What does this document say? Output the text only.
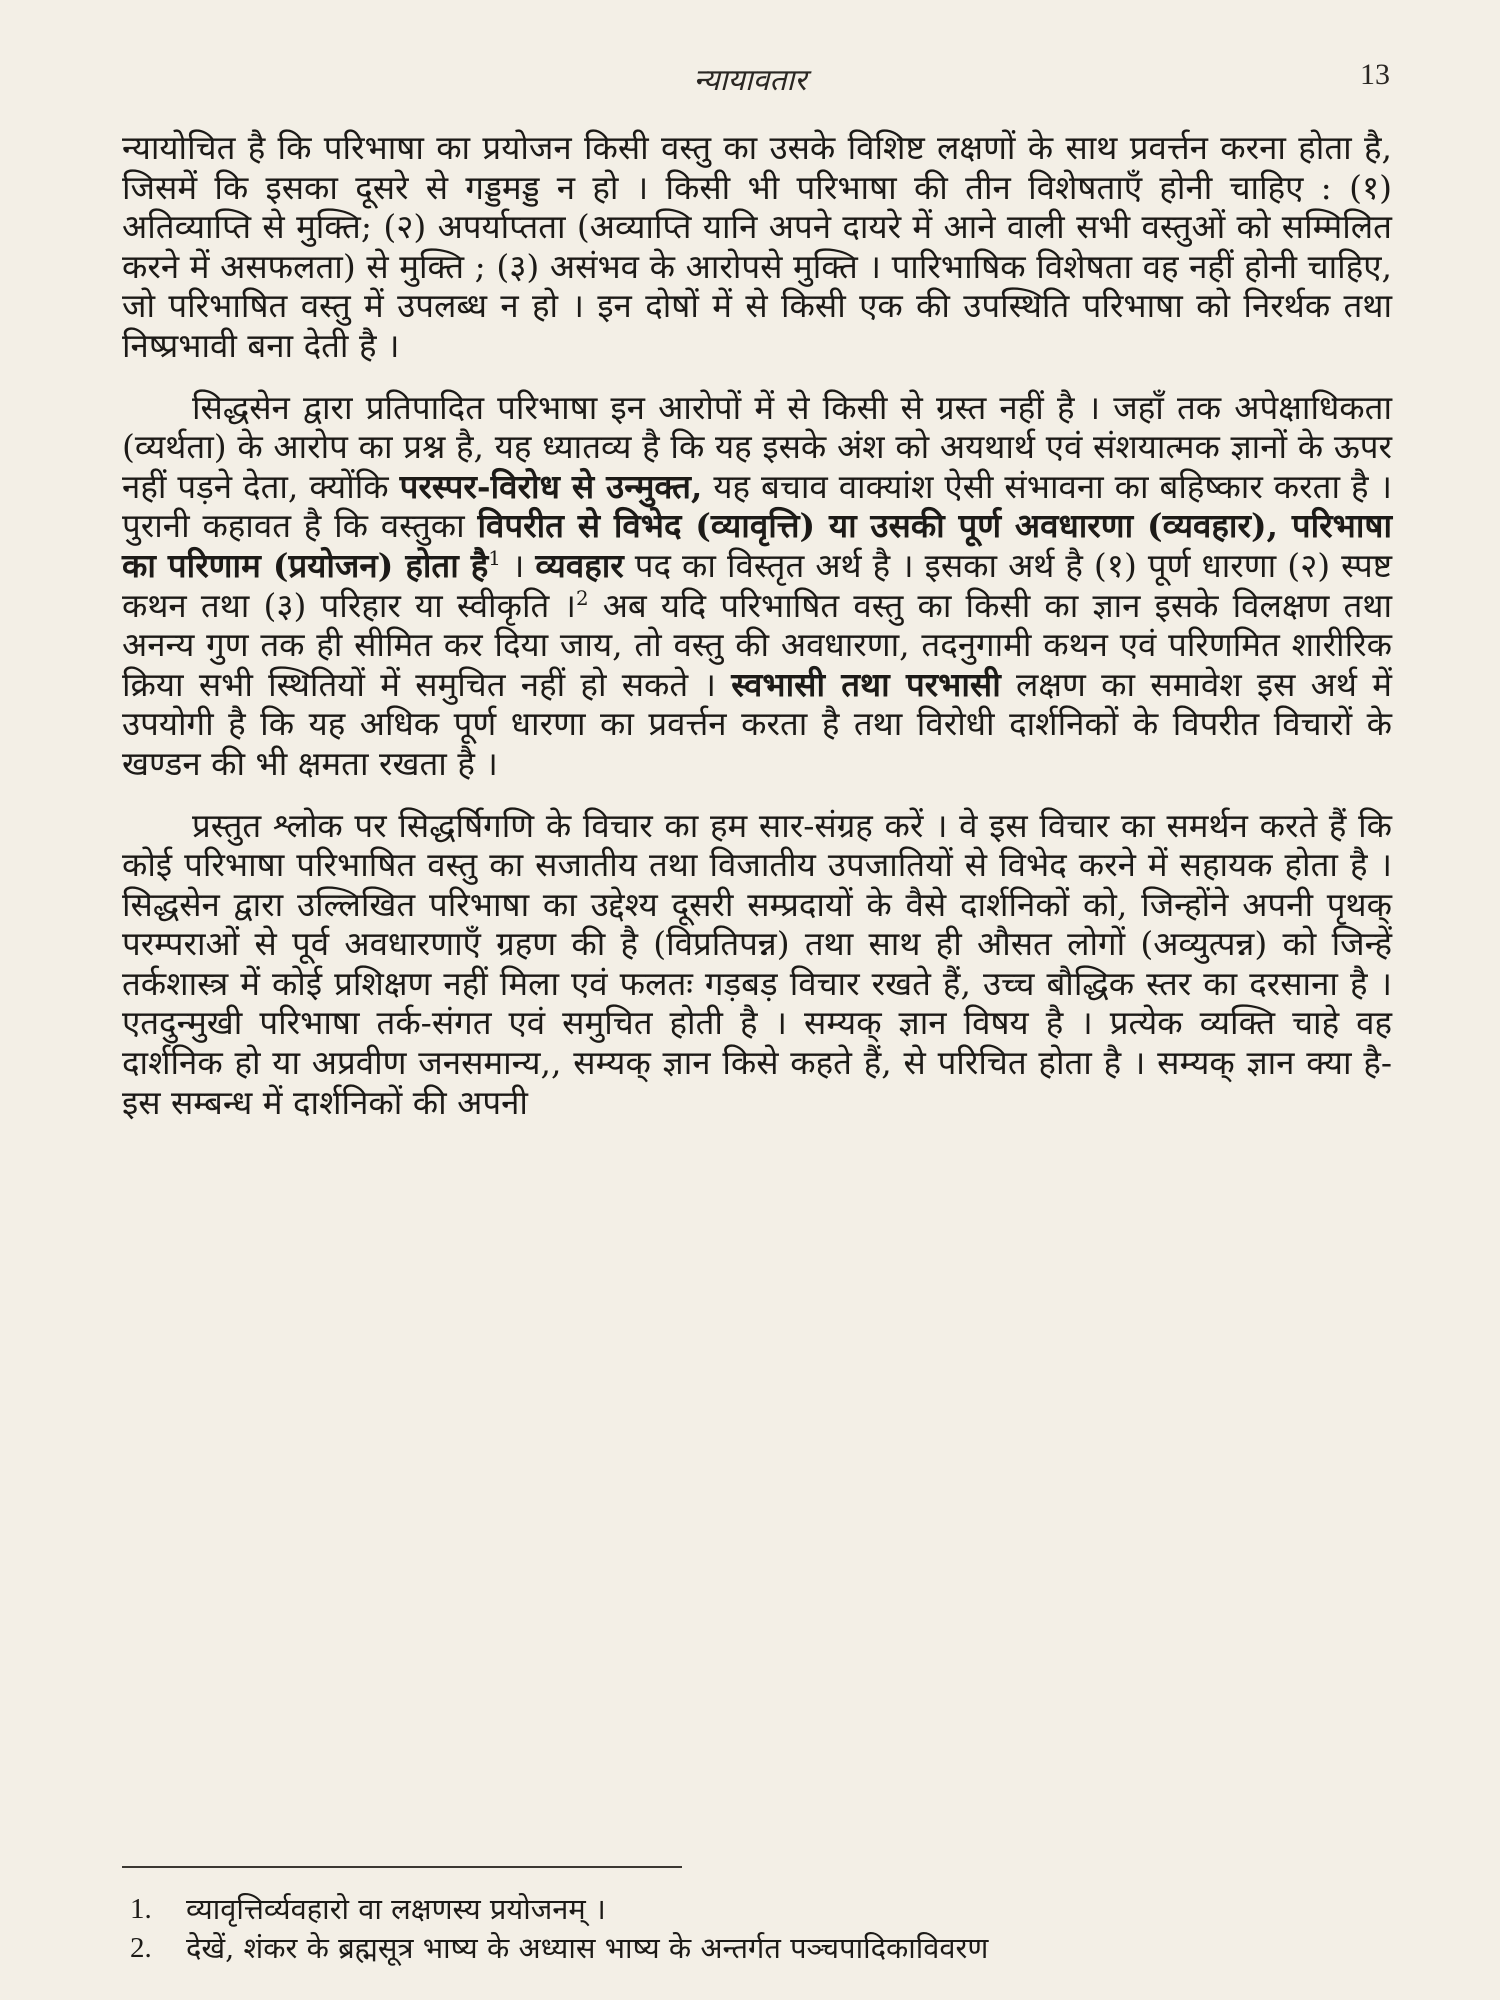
न्यायावतार	13

न्यायोचित है कि परिभाषा का प्रयोजन किसी वस्तु का उसके विशिष्ट लक्षणों के साथ प्रवर्त्तन करना होता है, जिसमें कि इसका दूसरे से गड्डमड्ड न हो । किसी भी परिभाषा की तीन विशेषताएँ होनी चाहिए : (१) अतिव्याप्ति से मुक्ति; (२) अपर्याप्तता (अव्याप्ति यानि अपने दायरे में आने वाली सभी वस्तुओं को सम्मिलित करने में असफलता) से मुक्ति ; (३) असंभव के आरोपसे मुक्ति । पारिभाषिक विशेषता वह नहीं होनी चाहिए, जो परिभाषित वस्तु में उपलब्ध न हो । इन दोषों में से किसी एक की उपस्थिति परिभाषा को निरर्थक तथा निष्प्रभावी बना देती है ।

सिद्धसेन द्वारा प्रतिपादित परिभाषा इन आरोपों में से किसी से ग्रस्त नहीं है । जहाँ तक अपेक्षाधिकता (व्यर्थता) के आरोप का प्रश्न है, यह ध्यातव्य है कि यह इसके अंश को अयथार्थ एवं संशयात्मक ज्ञानों के ऊपर नहीं पड़ने देता, क्योंकि परस्पर-विरोध से उन्मुक्त, यह बचाव वाक्यांश ऐसी संभावना का बहिष्कार करता है । पुरानी कहावत है कि वस्तुका विपरीत से विभेद (व्यावृत्ति) या उसकी पूर्ण अवधारणा (व्यवहार), परिभाषा का परिणाम (प्रयोजन) होता है$^1$ । व्यवहार पद का विस्तृत अर्थ है । इसका अर्थ है (१) पूर्ण धारणा (२) स्पष्ट कथन तथा (३) परिहार या स्वीकृति ।$^2$ अब यदि परिभाषित वस्तु का किसी का ज्ञान इसके विलक्षण तथा अनन्य गुण तक ही सीमित कर दिया जाय, तो वस्तु की अवधारणा, तदनुगामी कथन एवं परिणमित शारीरिक क्रिया सभी स्थितियों में समुचित नहीं हो सकते । स्वभासी तथा परभासी लक्षण का समावेश इस अर्थ में उपयोगी है कि यह अधिक पूर्ण धारणा का प्रवर्त्तन करता है तथा विरोधी दार्शनिकों के विपरीत विचारों के खण्डन की भी क्षमता रखता है ।

प्रस्तुत श्लोक पर सिद्धर्षिगणि के विचार का हम सार-संग्रह करें । वे इस विचार का समर्थन करते हैं कि कोई परिभाषा परिभाषित वस्तु का सजातीय तथा विजातीय उपजातियों से विभेद करने में सहायक होता है । सिद्धसेन द्वारा उल्लिखित परिभाषा का उद्देश्य दूसरी सम्प्रदायों के वैसे दार्शनिकों को, जिन्होंने अपनी पृथक् परम्पराओं से पूर्व अवधारणाएँ ग्रहण की है (विप्रतिपन्न) तथा साथ ही औसत लोगों (अव्युत्पन्न) को जिन्हें तर्कशास्त्र में कोई प्रशिक्षण नहीं मिला एवं फलतः गड़बड़ विचार रखते हैं, उच्च बौद्धिक स्तर का दरसाना है । एतदुन्मुखी परिभाषा तर्क-संगत एवं समुचित होती है । सम्यक् ज्ञान विषय है । प्रत्येक व्यक्ति चाहे वह दार्शनिक हो या अप्रवीण जनसमान्य,, सम्यक् ज्ञान किसे कहते हैं, से परिचित होता है । सम्यक् ज्ञान क्या है- इस सम्बन्ध में दार्शनिकों की अपनी

1. व्यावृत्तिर्व्यवहारो वा लक्षणस्य प्रयोजनम् ।
2. देखें, शंकर के ब्रह्मसूत्र भाष्य के अध्यास भाष्य के अन्तर्गत पञ्चपादिकाविवरण
